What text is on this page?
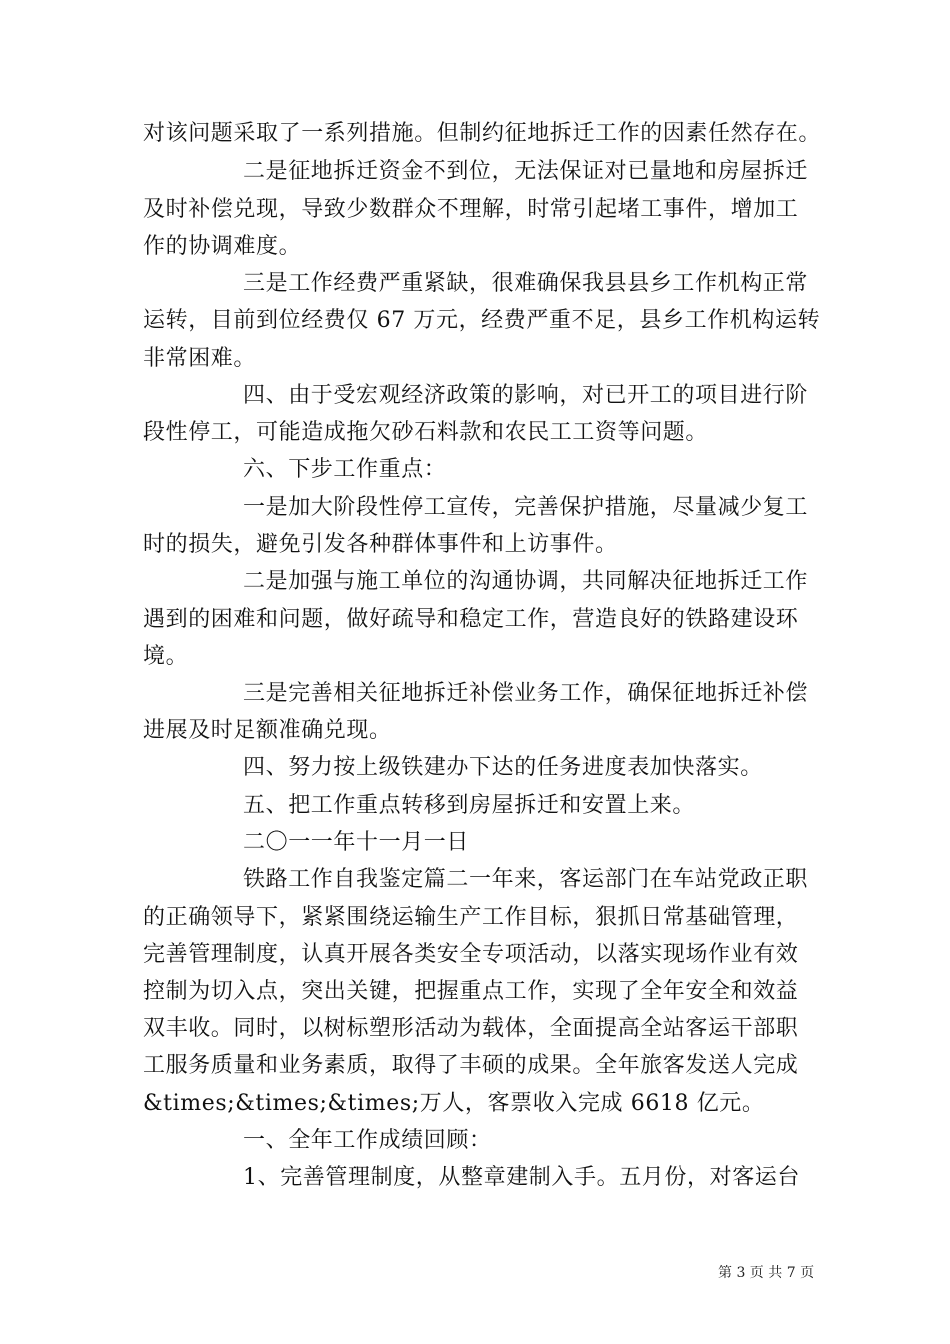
对该问题采取了一系列措施。但制约征地拆迁工作的因素任然存在。
二是征地拆迁资金不到位，无法保证对已量地和房屋拆迁
及时补偿兑现，导致少数群众不理解，时常引起堵工事件，增加工
作的协调难度。
三是工作经费严重紧缺，很难确保我县县乡工作机构正常
运转，目前到位经费仅 67 万元，经费严重不足，县乡工作机构运转
非常困难。
四、由于受宏观经济政策的影响，对已开工的项目进行阶
段性停工，可能造成拖欠砂石料款和农民工工资等问题。
六、下步工作重点：
一是加大阶段性停工宣传，完善保护措施，尽量减少复工
时的损失，避免引发各种群体事件和上访事件。
二是加强与施工单位的沟通协调，共同解决征地拆迁工作
遇到的困难和问题，做好疏导和稳定工作，营造良好的铁路建设环
境。
三是完善相关征地拆迁补偿业务工作，确保征地拆迁补偿
进展及时足额准确兑现。
四、努力按上级铁建办下达的任务进度表加快落实。
五、把工作重点转移到房屋拆迁和安置上来。
二〇一一年十一月一日
铁路工作自我鉴定篇二一年来，客运部门在车站党政正职
的正确领导下，紧紧围绕运输生产工作目标，狠抓日常基础管理，
完善管理制度，认真开展各类安全专项活动，以落实现场作业有效
控制为切入点，突出关键，把握重点工作，实现了全年安全和效益
双丰收。同时，以树标塑形活动为载体，全面提高全站客运干部职
工服务质量和业务素质，取得了丰硕的成果。全年旅客发送人完成
&times;&times;&times;万人，客票收入完成 6618 亿元。
一、全年工作成绩回顾：
1、完善管理制度，从整章建制入手。五月份，对客运台
第 3 页 共 7 页
